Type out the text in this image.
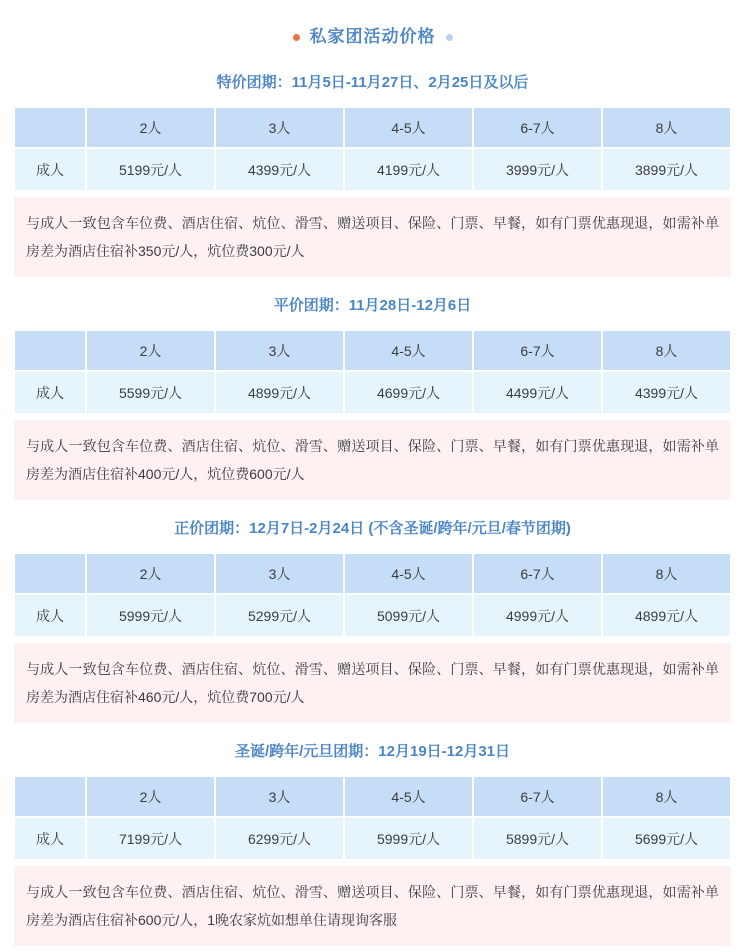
私家团活动价格
特价团期：11月5日-11月27日、2月25日及以后
	2人	3人	4-5人	6-7人	8人
成人	5199元/人	4399元/人	4199元/人	3999元/人	3899元/人

与成人一致包含车位费、酒店住宿、炕位、滑雪、赠送项目、保险、门票、早餐，如有门票优惠现退，如需补单房差为酒店住宿补350元/人，炕位费300元/人

平价团期：11月28日-12月6日
	2人	3人	4-5人	6-7人	8人
成人	5599元/人	4899元/人	4699元/人	4499元/人	4399元/人

与成人一致包含车位费、酒店住宿、炕位、滑雪、赠送项目、保险、门票、早餐，如有门票优惠现退，如需补单房差为酒店住宿补400元/人，炕位费600元/人

正价团期：12月7日-2月24日 (不含圣诞/跨年/元旦/春节团期)
	2人	3人	4-5人	6-7人	8人
成人	5999元/人	5299元/人	5099元/人	4999元/人	4899元/人

与成人一致包含车位费、酒店住宿、炕位、滑雪、赠送项目、保险、门票、早餐，如有门票优惠现退，如需补单房差为酒店住宿补460元/人，炕位费700元/人

圣诞/跨年/元旦团期：12月19日-12月31日
	2人	3人	4-5人	6-7人	8人
成人	7199元/人	6299元/人	5999元/人	5899元/人	5699元/人

与成人一致包含车位费、酒店住宿、炕位、滑雪、赠送项目、保险、门票、早餐，如有门票优惠现退，如需补单房差为酒店住宿补600元/人，1晚农家炕如想单住请现询客服
